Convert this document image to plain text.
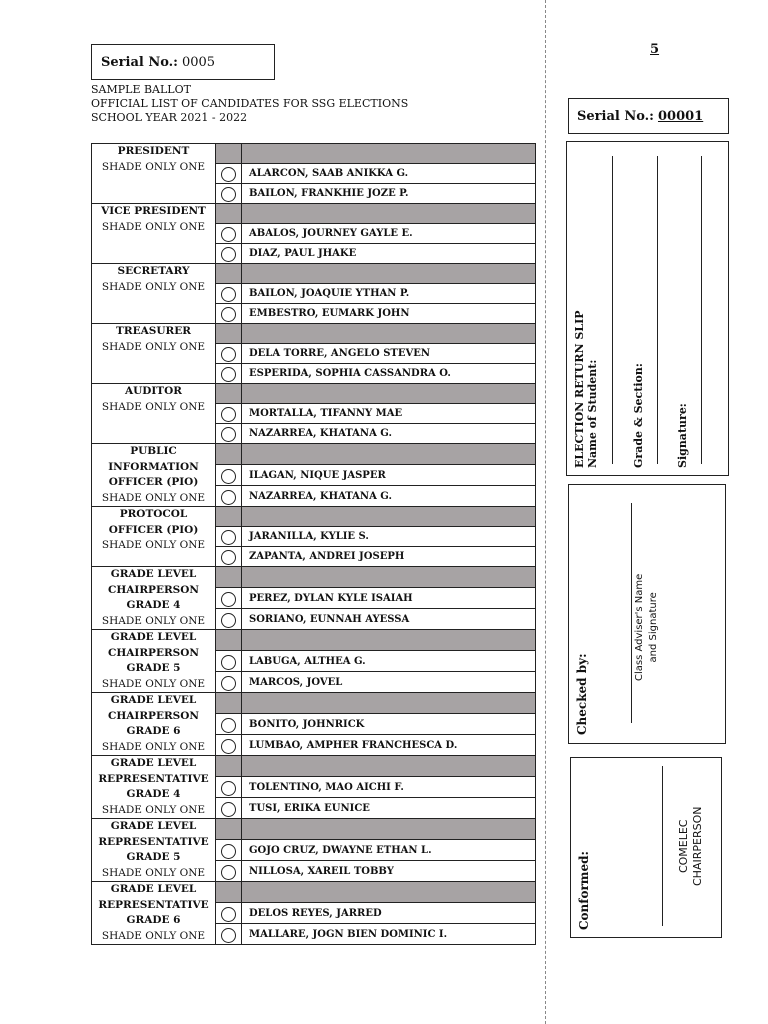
Serial No.: 0005
5
SAMPLE BALLOT
OFFICIAL LIST OF CANDIDATES FOR SSG ELECTIONS
SCHOOL YEAR 2021 - 2022	Serial No.: 00001
PRESIDENT
SHADE ONLY ONE		

		ALARCON, SAAB ANIKKA G.
		BAILON, FRANKHIE JOZE P.

VICE PRESIDENT
SHADE ONLY ONE		

		ABALOS, JOURNEY GAYLE E.
		DIAZ, PAUL JHAKE

SECRETARY
SHADE ONLY ONE		

		BAILON, JOAQUIE YTHAN P.
		EMBESTRO, EUMARK JOHN

TREASURER
SHADE ONLY ONE		

		DELA TORRE, ANGELO STEVEN
		ESPERIDA, SOPHIA CASSANDRA O.

AUDITOR
SHADE ONLY ONE		

		MORTALLA, TIFANNY MAE
		NAZARREA, KHATANA G.

PUBLIC INFORMATION OFFICER (PIO)
SHADE ONLY ONE		

		ILAGAN, NIQUE JASPER
		NAZARREA, KHATANA G.

PROTOCOL OFFICER (PIO)
SHADE ONLY ONE		

		JARANILLA, KYLIE S.
		ZAPANTA, ANDREI JOSEPH

GRADE LEVEL CHAIRPERSON GRADE 4
SHADE ONLY ONE		

		PEREZ, DYLAN KYLE ISAIAH
		SORIANO, EUNNAH AYESSA

GRADE LEVEL CHAIRPERSON GRADE 5
SHADE ONLY ONE		

		LABUGA, ALTHEA G.
		MARCOS, JOVEL

GRADE LEVEL CHAIRPERSON GRADE 6
SHADE ONLY ONE		

		BONITO, JOHNRICK
		LUMBAO, AMPHER FRANCHESCA D.

GRADE LEVEL REPRESENTATIVE GRADE 4
SHADE ONLY ONE		

		TOLENTINO, MAO AICHI F.
		TUSI, ERIKA EUNICE

GRADE LEVEL REPRESENTATIVE GRADE 5
SHADE ONLY ONE		

		GOJO CRUZ, DWAYNE ETHAN L.
		NILLOSA, XAREIL TOBBY

GRADE LEVEL REPRESENTATIVE GRADE 6
SHADE ONLY ONE		

		DELOS REYES, JARRED
		MALLARE, JOGN BIEN DOMINIC I.
ELECTION RETURN SLIP Name of Student:	Grade & Section:	Signature:
Checked by:
Class Adviser's Name and Signature
Conformed:
COMELEC CHAIRPERSON
